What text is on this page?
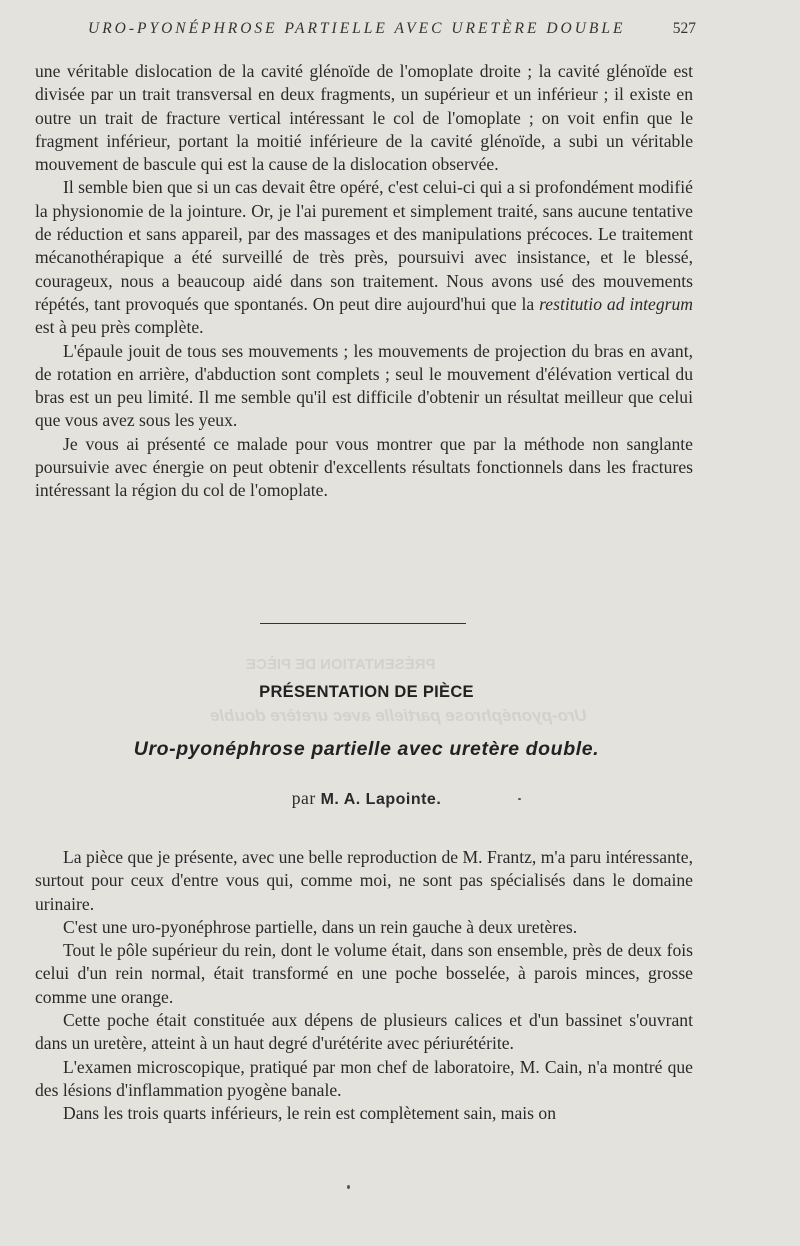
URO-PYONÉPHROSE PARTIELLE AVEC URETÈRE DOUBLE	527

une véritable dislocation de la cavité glénoïde de l'omoplate droite ; la cavité glénoïde est divisée par un trait transversal en deux fragments, un supérieur et un inférieur ; il existe en outre un trait de fracture vertical intéressant le col de l'omoplate ; on voit enfin que le fragment inférieur, portant la moitié inférieure de la cavité glénoïde, a subi un véritable mouvement de bascule qui est la cause de la dislocation observée.

Il semble bien que si un cas devait être opéré, c'est celui-ci qui a si profondément modifié la physionomie de la jointure. Or, je l'ai purement et simplement traité, sans aucune tentative de réduction et sans appareil, par des massages et des manipulations précoces. Le traitement mécanothérapique a été surveillé de très près, poursuivi avec insistance, et le blessé, courageux, nous a beaucoup aidé dans son traitement. Nous avons usé des mouvements répétés, tant provoqués que spontanés. On peut dire aujourd'hui que la restitutio ad integrum est à peu près complète.

L'épaule jouit de tous ses mouvements ; les mouvements de projection du bras en avant, de rotation en arrière, d'abduction sont complets ; seul le mouvement d'élévation vertical du bras est un peu limité. Il me semble qu'il est difficile d'obtenir un résultat meilleur que celui que vous avez sous les yeux.

Je vous ai présenté ce malade pour vous montrer que par la méthode non sanglante poursuivie avec énergie on peut obtenir d'excellents résultats fonctionnels dans les fractures intéressant la région du col de l'omoplate.

PRÉSENTATION DE PIÈCE
Uro-pyonéphrose partielle avec uretère double
PRÉSENTATION DE PIÈCE
Uro-pyonéphrose partielle avec uretère double.
par M. A. Lapointe.

La pièce que je présente, avec une belle reproduction de M. Frantz, m'a paru intéressante, surtout pour ceux d'entre vous qui, comme moi, ne sont pas spécialisés dans le domaine urinaire.

C'est une uro-pyonéphrose partielle, dans un rein gauche à deux uretères.

Tout le pôle supérieur du rein, dont le volume était, dans son ensemble, près de deux fois celui d'un rein normal, était transformé en une poche bosselée, à parois minces, grosse comme une orange.

Cette poche était constituée aux dépens de plusieurs calices et d'un bassinet s'ouvrant dans un uretère, atteint à un haut degré d'urétérite avec périurétérite.

L'examen microscopique, pratiqué par mon chef de laboratoire, M. Cain, n'a montré que des lésions d'inflammation pyogène banale.

Dans les trois quarts inférieurs, le rein est complètement sain, mais on
